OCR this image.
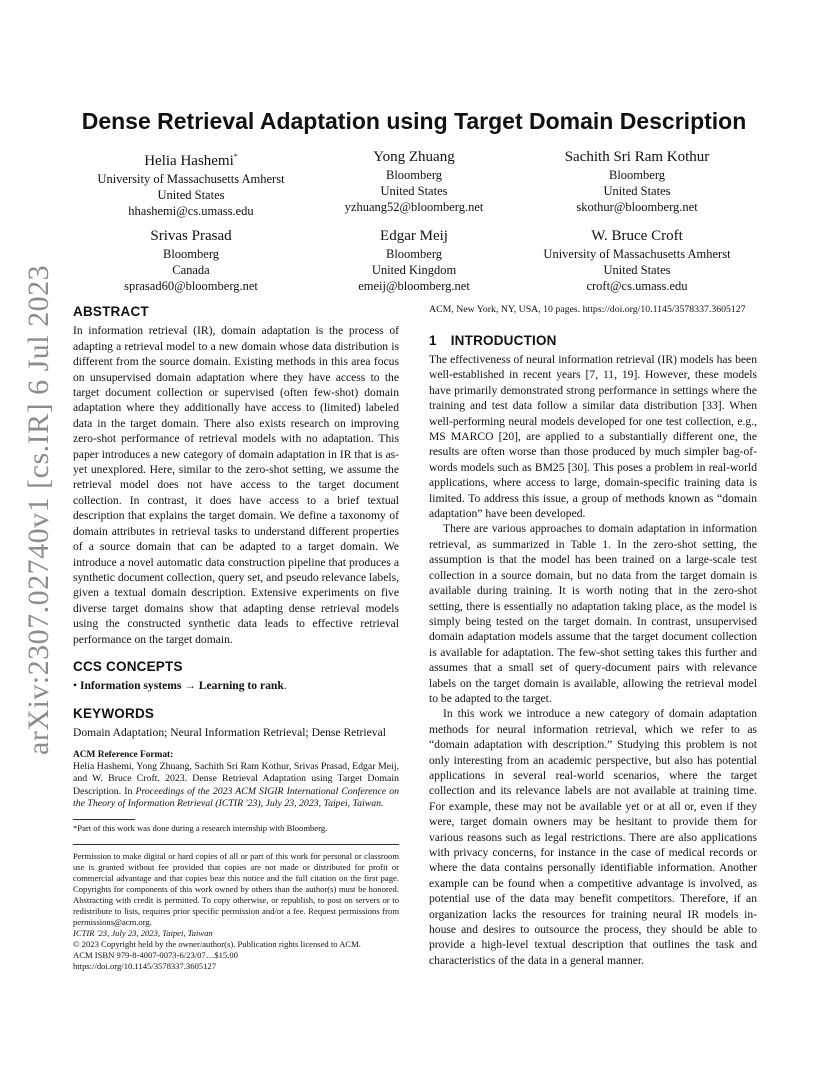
arXiv:2307.02740v1 [cs.IR] 6 Jul 2023
Dense Retrieval Adaptation using Target Domain Description
Helia Hashemi*
University of Massachusetts Amherst
United States
hhashemi@cs.umass.edu
Yong Zhuang
Bloomberg
United States
yzhuang52@bloomberg.net
Sachith Sri Ram Kothur
Bloomberg
United States
skothur@bloomberg.net
Srivas Prasad
Bloomberg
Canada
sprasad60@bloomberg.net
Edgar Meij
Bloomberg
United Kingdom
emeij@bloomberg.net
W. Bruce Croft
University of Massachusetts Amherst
United States
croft@cs.umass.edu
ABSTRACT

In information retrieval (IR), domain adaptation is the process of adapting a retrieval model to a new domain whose data distribution is different from the source domain. Existing methods in this area focus on unsupervised domain adaptation where they have access to the target document collection or supervised (often few-shot) domain adaptation where they additionally have access to (limited) labeled data in the target domain. There also exists research on improving zero-shot performance of retrieval models with no adaptation. This paper introduces a new category of domain adaptation in IR that is as-yet unexplored. Here, similar to the zero-shot setting, we assume the retrieval model does not have access to the target document collection. In contrast, it does have access to a brief textual description that explains the target domain. We define a taxonomy of domain attributes in retrieval tasks to understand different properties of a source domain that can be adapted to a target domain. We introduce a novel automatic data construction pipeline that produces a synthetic document collection, query set, and pseudo relevance labels, given a textual domain description. Extensive experiments on five diverse target domains show that adapting dense retrieval models using the constructed synthetic data leads to effective retrieval performance on the target domain.

CCS CONCEPTS

• Information systems → Learning to rank.

KEYWORDS

Domain Adaptation; Neural Information Retrieval; Dense Retrieval

ACM Reference Format:

Helia Hashemi, Yong Zhuang, Sachith Sri Ram Kothur, Srivas Prasad, Edgar Meij, and W. Bruce Croft. 2023. Dense Retrieval Adaptation using Target Domain Description. In Proceedings of the 2023 ACM SIGIR International Conference on the Theory of Information Retrieval (ICTIR '23), July 23, 2023, Taipei, Taiwan.

*Part of this work was done during a research internship with Bloomberg.

Permission to make digital or hard copies of all or part of this work for personal or classroom use is granted without fee provided that copies are not made or distributed for profit or commercial advantage and that copies bear this notice and the full citation on the first page. Copyrights for components of this work owned by others than the author(s) must be honored. Abstracting with credit is permitted. To copy otherwise, or republish, to post on servers or to redistribute to lists, requires prior specific permission and/or a fee. Request permissions from permissions@acm.org.

ICTIR '23, July 23, 2023, Taipei, Taiwan
© 2023 Copyright held by the owner/author(s). Publication rights licensed to ACM.
ACM ISBN 979-8-4007-0073-6/23/07…$15.00
https://doi.org/10.1145/3578337.3605127

ACM, New York, NY, USA, 10 pages. https://doi.org/10.1145/3578337.3605127

1 INTRODUCTION

The effectiveness of neural information retrieval (IR) models has been well-established in recent years [7, 11, 19]. However, these models have primarily demonstrated strong performance in settings where the training and test data follow a similar data distribution [33]. When well-performing neural models developed for one test collection, e.g., MS MARCO [20], are applied to a substantially different one, the results are often worse than those produced by much simpler bag-of-words models such as BM25 [30]. This poses a problem in real-world applications, where access to large, domain-specific training data is limited. To address this issue, a group of methods known as “domain adaptation” have been developed.

There are various approaches to domain adaptation in information retrieval, as summarized in Table 1. In the zero-shot setting, the assumption is that the model has been trained on a large-scale test collection in a source domain, but no data from the target domain is available during training. It is worth noting that in the zero-shot setting, there is essentially no adaptation taking place, as the model is simply being tested on the target domain. In contrast, unsupervised domain adaptation models assume that the target document collection is available for adaptation. The few-shot setting takes this further and assumes that a small set of query-document pairs with relevance labels on the target domain is available, allowing the retrieval model to be adapted to the target.

In this work we introduce a new category of domain adaptation methods for neural information retrieval, which we refer to as “domain adaptation with description.” Studying this problem is not only interesting from an academic perspective, but also has potential applications in several real-world scenarios, where the target collection and its relevance labels are not available at training time. For example, these may not be available yet or at all or, even if they were, target domain owners may be hesitant to provide them for various reasons such as legal restrictions. There are also applications with privacy concerns, for instance in the case of medical records or where the data contains personally identifiable information. Another example can be found when a competitive advantage is involved, as potential use of the data may benefit competitors. Therefore, if an organization lacks the resources for training neural IR models in-house and desires to outsource the process, they should be able to provide a high-level textual description that outlines the task and characteristics of the data in a general manner.
